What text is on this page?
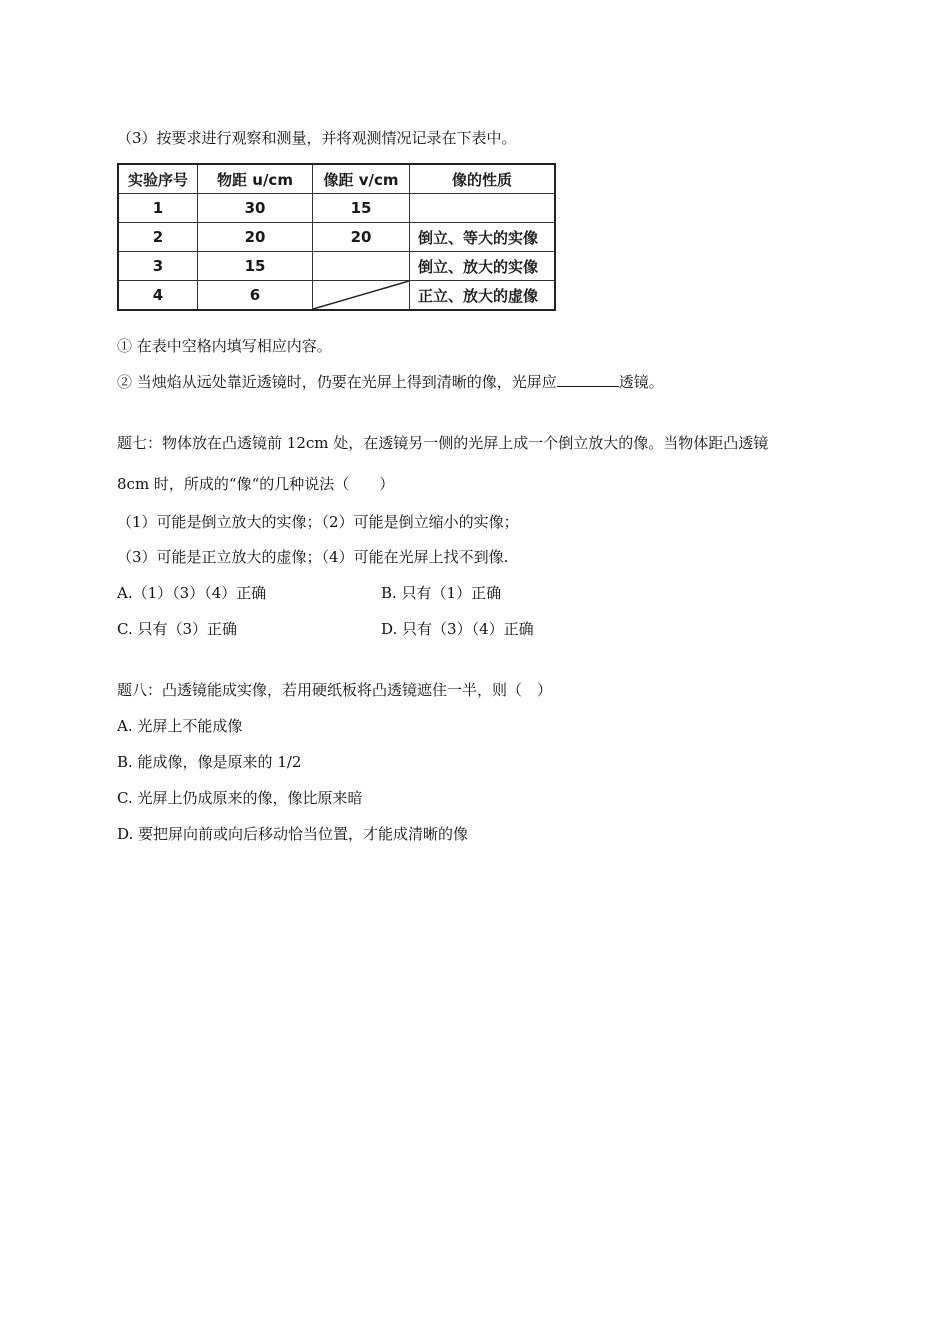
（3）按要求进行观察和测量，并将观测情况记录在下表中。
实验序号	物距 u/cm	像距 v/cm	像的性质
1	30	15	
2	20	20	倒立、等大的实像
3	15		倒立、放大的实像
4	6		正立、放大的虚像
① 在表中空格内填写相应内容。
② 当烛焰从远处靠近透镜时，仍要在光屏上得到清晰的像，光屏应	透镜。
题七：物体放在凸透镜前 12cm 处，在透镜另一侧的光屏上成一个倒立放大的像。当物体距凸透镜
8cm 时，所成的“像“的几种说法（　　）
（1）可能是倒立放大的实像；（2）可能是倒立缩小的实像；
（3）可能是正立放大的虚像；（4）可能在光屏上找不到像.
A.（1）（3）（4）正确	B. 只有（1）正确
C. 只有（3）正确	D. 只有（3）（4）正确
题八：凸透镜能成实像，若用硬纸板将凸透镜遮住一半，则（　）
A. 光屏上不能成像
B. 能成像，像是原来的 1/2
C. 光屏上仍成原来的像，像比原来暗
D. 要把屏向前或向后移动恰当位置，才能成清晰的像
